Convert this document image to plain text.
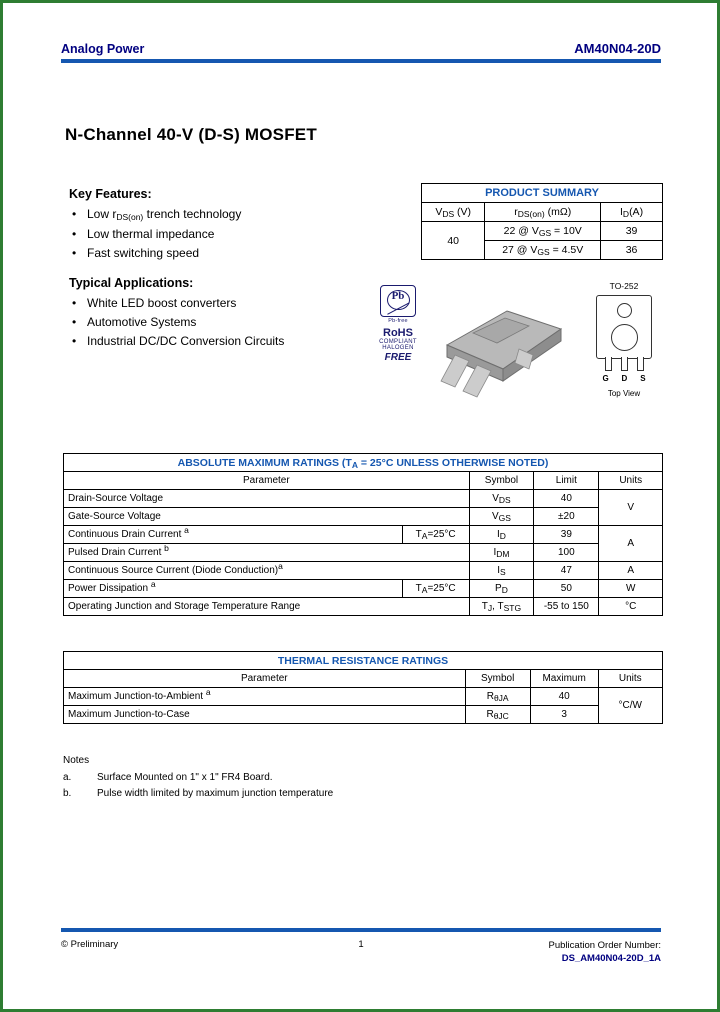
Analog Power	AM40N04-20D
N-Channel 40-V (D-S) MOSFET
Key Features:
• Low $r_{DS(on)}$ trench technology
• Low thermal impedance
• Fast switching speed
Typical Applications:
• White LED boost converters
• Automotive Systems
• Industrial DC/DC Conversion Circuits
PRODUCT SUMMARY		
$V_{DS}$ (V)	$r_{DS(on)}$ (mΩ)	$I_D(A)$
40	22 @ $V_{GS} = 10V$	39
	27 @ $V_{GS} = 4.5V$	36
Pb
Pb-free
RoHS
COMPLIANT
HALOGEN
FREE
TO-252
G D S
Top View
ABSOLUTE MAXIMUM RATINGS ($T_A = 25^\circ C$ UNLESS OTHERWISE NOTED)				
Parameter		Symbol	Limit	Units
Drain-Source Voltage		$V_{DS}$	40	V
Gate-Source Voltage		$V_{GS}$	±20	
Continuous Drain Current $^a$	$T_A=25^\circ C$	$I_D$	39	A
Pulsed Drain Current $^b$		$I_{DM}$	100	
Continuous Source Current (Diode Conduction)$^a$		$I_S$	47	A
Power Dissipation $^a$	$T_A=25^\circ C$	$P_D$	50	W
Operating Junction and Storage Temperature Range		$T_J$, $T_{STG}$	-55 to 150	°C
THERMAL RESISTANCE RATINGS			
Parameter	Symbol	Maximum	Units
Maximum Junction-to-Ambient $^a$	$R_{\theta JA}$	40	°C/W
Maximum Junction-to-Case	$R_{\theta JC}$	3	
Notes
a.	Surface Mounted on 1" x 1" FR4 Board.
b.	Pulse width limited by maximum junction temperature
© Preliminary	1	Publication Order Number:
DS_AM40N04-20D_1A
